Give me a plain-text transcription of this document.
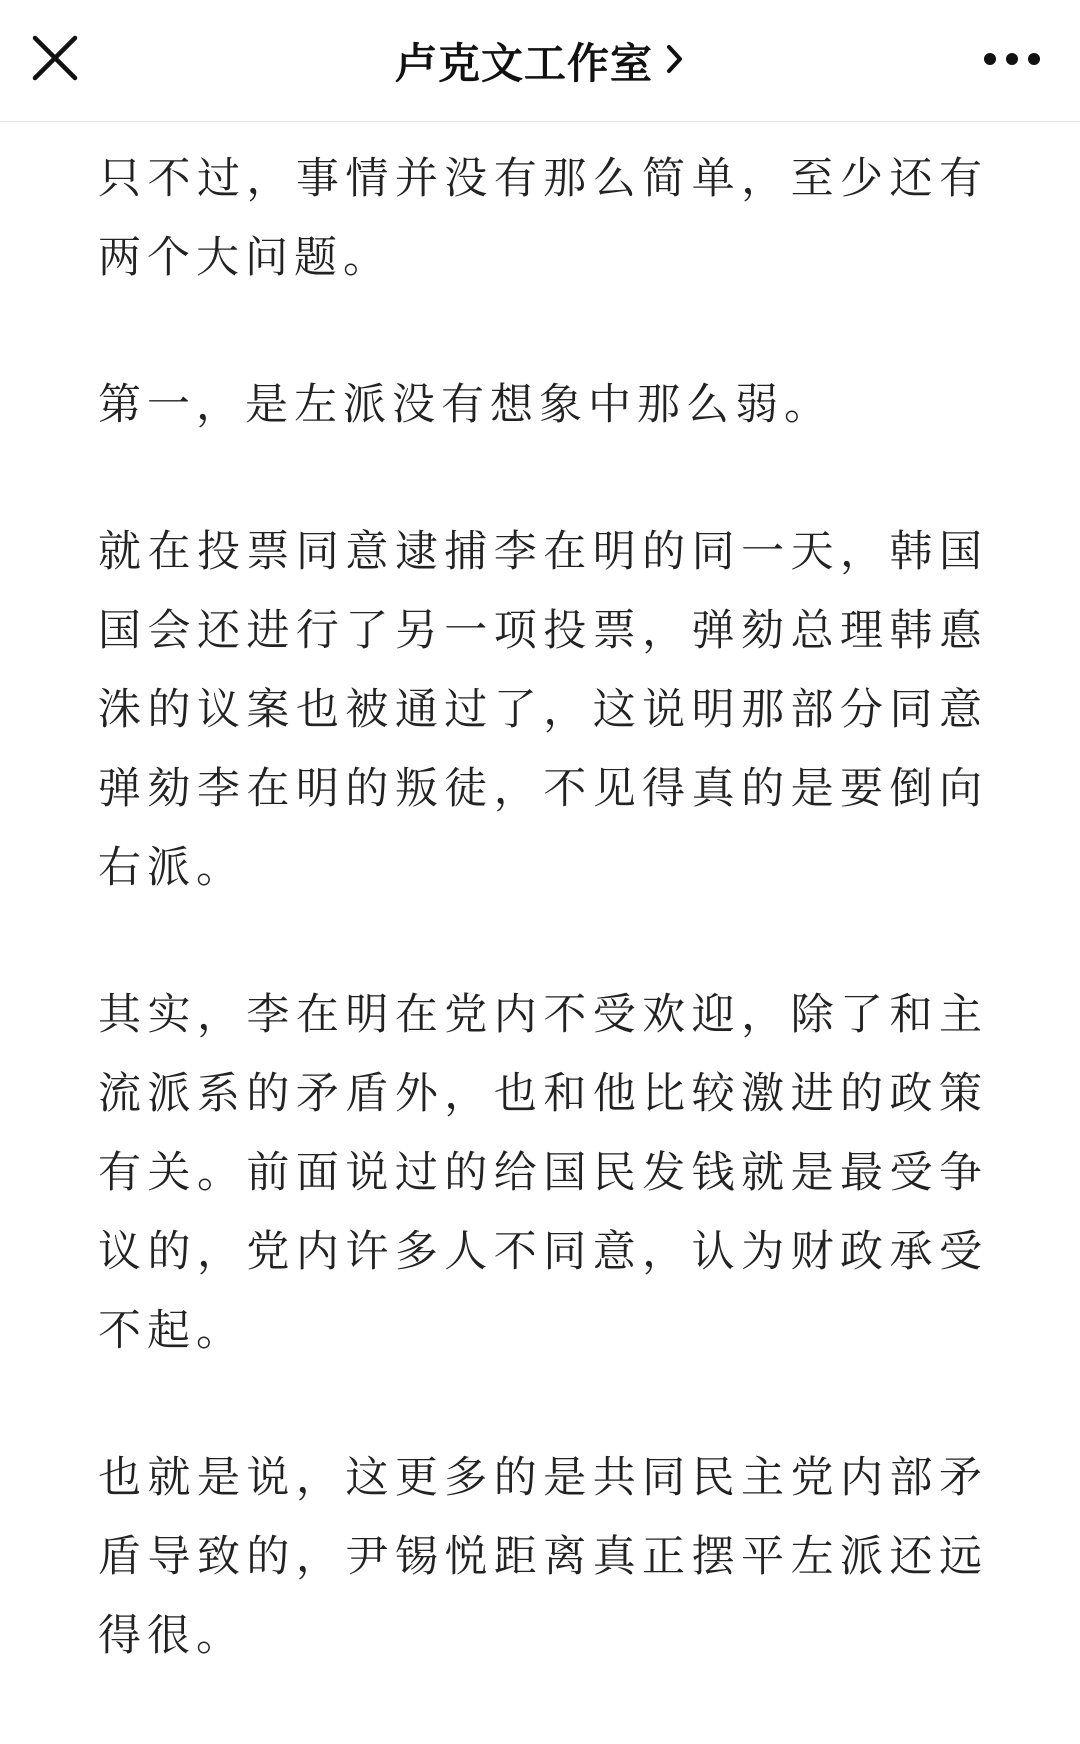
卢克文工作室

只不过，事情并没有那么简单，至少还有两个大问题。

第一，是左派没有想象中那么弱。

就在投票同意逮捕李在明的同一天，韩国国会还进行了另一项投票，弹劾总理韩悳洙的议案也被通过了，这说明那部分同意弹劾李在明的叛徒，不见得真的是要倒向右派。

其实，李在明在党内不受欢迎，除了和主流派系的矛盾外，也和他比较激进的政策有关。前面说过的给国民发钱就是最受争议的，党内许多人不同意，认为财政承受不起。

也就是说，这更多的是共同民主党内部矛盾导致的，尹锡悦距离真正摆平左派还远得很。
